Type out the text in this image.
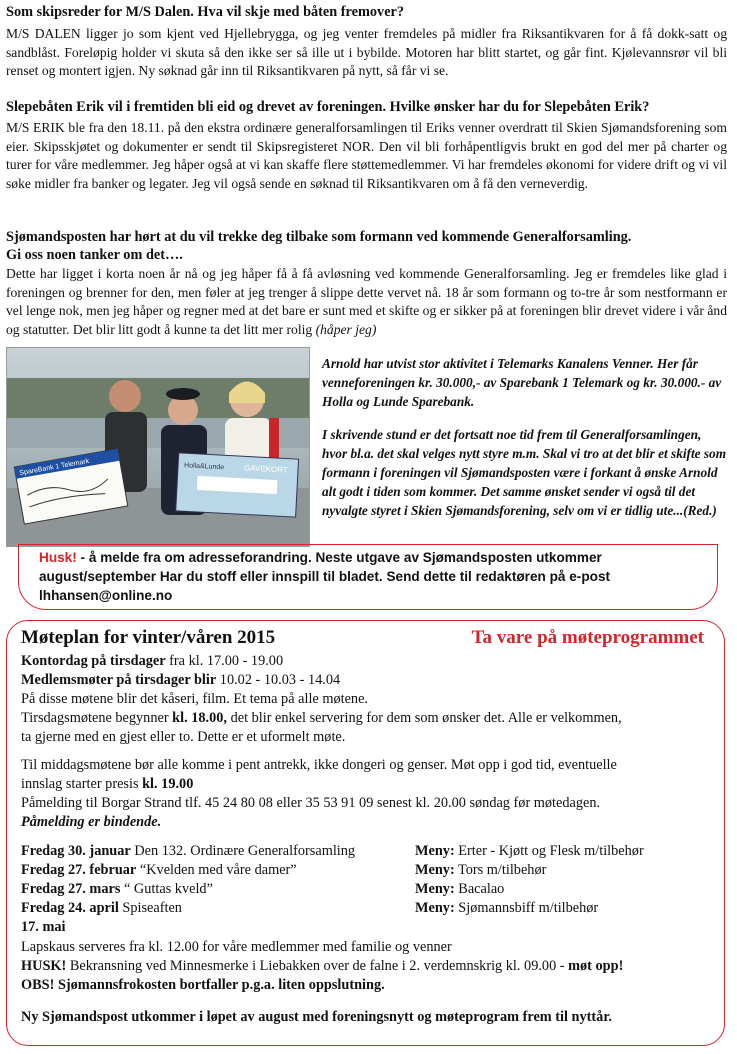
Som skipsreder for M/S Dalen. Hva vil skje med båten fremover?
M/S DALEN ligger jo som kjent ved Hjellebrygga, og jeg venter fremdeles på midler fra Riksantikvaren for å få dokk-satt og sandblåst. Foreløpig holder vi skuta så den ikke ser så ille ut i bybilde. Motoren har blitt startet, og går fint. Kjølevannsrør vil bli renset og montert igjen. Ny søknad går inn til Riksantikvaren på nytt, så får vi se.
Slepebåten Erik vil i fremtiden bli eid og drevet av foreningen. Hvilke ønsker har du for Slepebåten Erik?
M/S ERIK ble fra den 18.11. på den ekstra ordinære generalforsamlingen til Eriks venner overdratt til Skien Sjømandsforening som eier. Skipsskjøtet og dokumenter er sendt til Skipsregisteret NOR. Den vil bli forhåpentligvis brukt en god del mer på charter og turer for våre medlemmer. Jeg håper også at vi kan skaffe flere støttemedlemmer. Vi har fremdeles økonomi for videre drift og vi vil søke midler fra banker og legater. Jeg vil også sende en søknad til Riksantikvaren om å få den verneverdig.
Sjømandsposten har hørt at du vil trekke deg tilbake som formann ved kommende Generalforsamling.
Gi oss noen tanker om det….
Dette har ligget i korta noen år nå og jeg håper få å få avløsning ved kommende Generalforsamling. Jeg er fremdeles like glad i foreningen og brenner for den, men føler at jeg trenger å slippe dette vervet nå. 18 år som formann og to-tre år som nestformann er vel lenge nok, men jeg håper og regner med at det bare er sunt med et skifte og er sikker på at foreningen blir drevet videre i vår ånd og statutter. Det blir litt godt å kunne ta det litt mer rolig (håper jeg)
SpareBank 1 Telemark	Holla&Lunde GAVEKORT
Arnold har utvist stor aktivitet i Telemarks Kanalens Venner. Her får venneforeningen kr. 30.000,- av Sparebank 1 Telemark og kr. 30.000.- av Holla og Lunde Sparebank.
I skrivende stund er det fortsatt noe tid frem til Generalforsamlingen, hvor bl.a. det skal velges nytt styre m.m. Skal vi tro at det blir et skifte som formann i foreningen vil Sjømandsposten være i forkant å ønske Arnold alt godt i tiden som kommer. Det samme ønsket sender vi også til det nyvalgte styret i Skien Sjømandsforening, selv om vi er tidlig ute...(Red.)
Husk! - å melde fra om adresseforandring. Neste utgave av Sjømandsposten utkommer
august/september Har du stoff eller innspill til bladet. Send dette til redaktøren på e-post
lhhansen@online.no
Møteplan for vinter/våren 2015	Ta vare på møteprogrammet
Kontordag på tirsdager fra kl. 17.00 - 19.00
Medlemsmøter på tirsdager blir 10.02 - 10.03 - 14.04
På disse møtene blir det kåseri, film. Et tema på alle møtene.
Tirsdagsmøtene begynner kl. 18.00, det blir enkel servering for dem som ønsker det. Alle er velkommen,
ta gjerne med en gjest eller to. Dette er et uformelt møte.
Til middagsmøtene bør alle komme i pent antrekk, ikke dongeri og genser. Møt opp i god tid, eventuelle
innslag starter presis kl. 19.00
Påmelding til Borgar Strand tlf. 45 24 80 08 eller 35 53 91 09 senest kl. 20.00 søndag før møtedagen.
Påmelding er bindende.
Fredag 30. januar Den 132. Ordinære Generalforsamling	Meny: Erter - Kjøtt og Flesk m/tilbehør
Fredag 27. februar “Kvelden med våre damer”	Meny: Tors m/tilbehør
Fredag 27. mars “ Guttas kveld”	Meny: Bacalao
Fredag 24. april Spiseaften	Meny: Sjømannsbiff m/tilbehør
17. mai
Lapskaus serveres fra kl. 12.00 for våre medlemmer med familie og venner
HUSK! Bekransning ved Minnesmerke i Liebakken over de falne i 2. verdemnskrig kl. 09.00 - møt opp!
OBS! Sjømannsfrokosten bortfaller p.g.a. liten oppslutning.
Ny Sjømandspost utkommer i løpet av august med foreningsnytt og møteprogram frem til nyttår.
